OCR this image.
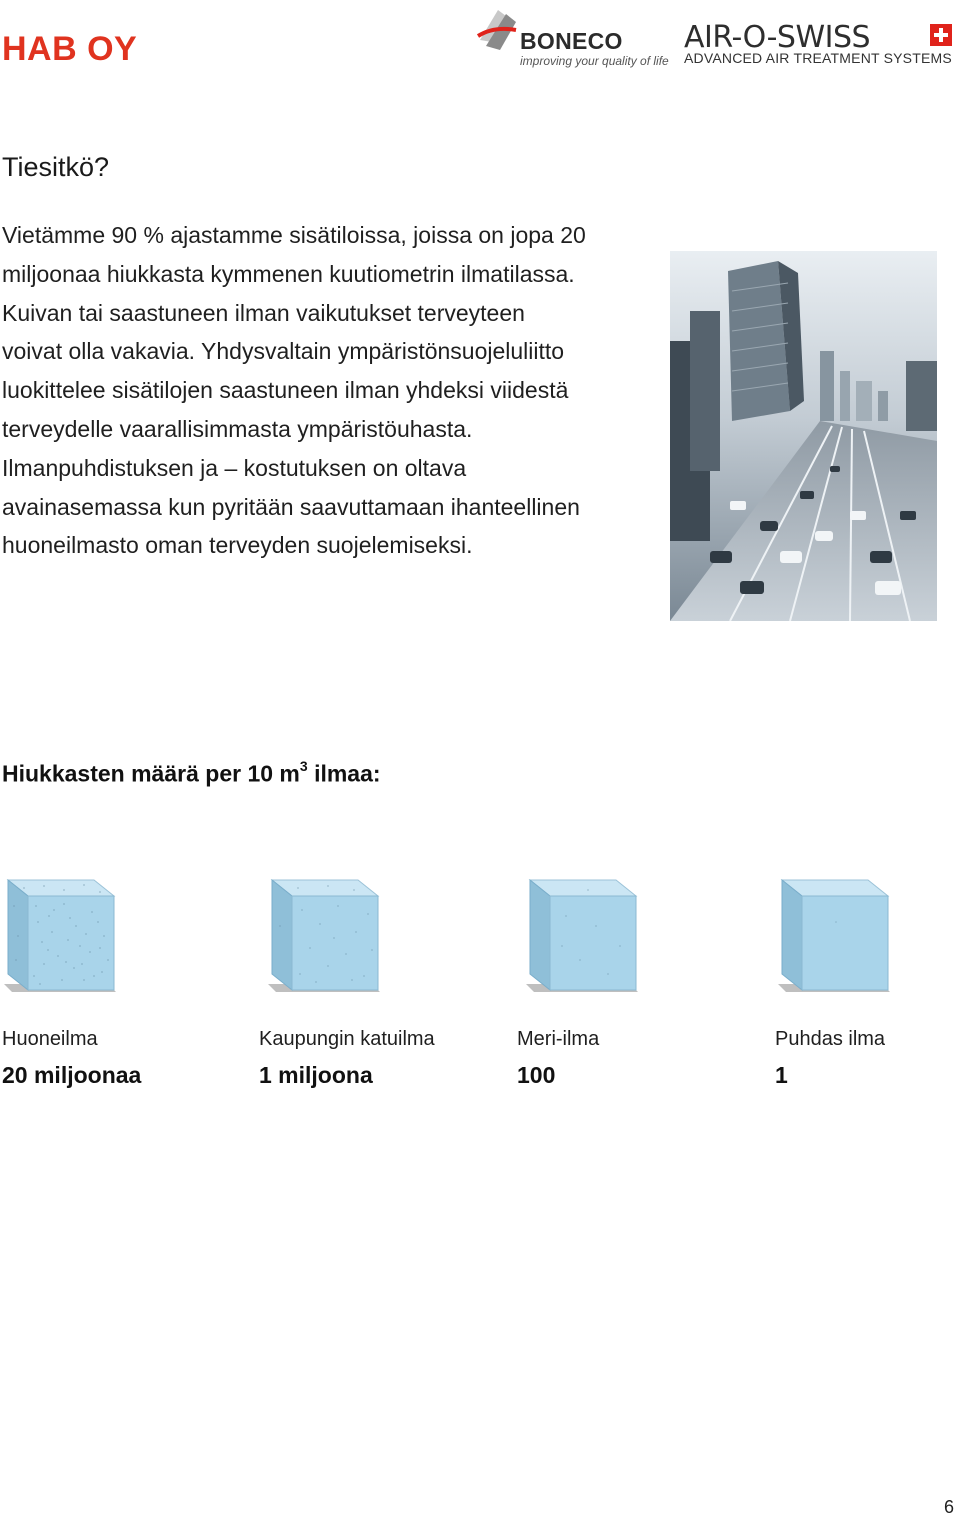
HAB OY	BONECO
improving your quality of life
AIR-O-SWISS
ADVANCED AIR TREATMENT SYSTEMS
Tiesitkö?
Vietämme 90 % ajastamme sisätiloissa, joissa on jopa 20
miljoonaa hiukkasta kymmenen kuutiometrin ilmatilassa.
Kuivan tai saastuneen ilman vaikutukset terveyteen
voivat olla vakavia. Yhdysvaltain ympäristönsuojeluliitto
luokittelee sisätilojen saastuneen ilman yhdeksi viidestä
terveydelle vaarallisimmasta ympäristöuhasta.
Ilmanpuhdistuksen ja – kostutuksen on oltava
avainasemassa kun pyritään saavuttamaan ihanteellinen
huoneilmasto oman terveyden suojelemiseksi.
Hiukkasten määrä per 10 $m^3$ ilmaa:
Huoneilma	Kaupungin katuilma	Meri-ilma	Puhdas ilma
20 miljoonaa	1 miljoona	100	1
6
